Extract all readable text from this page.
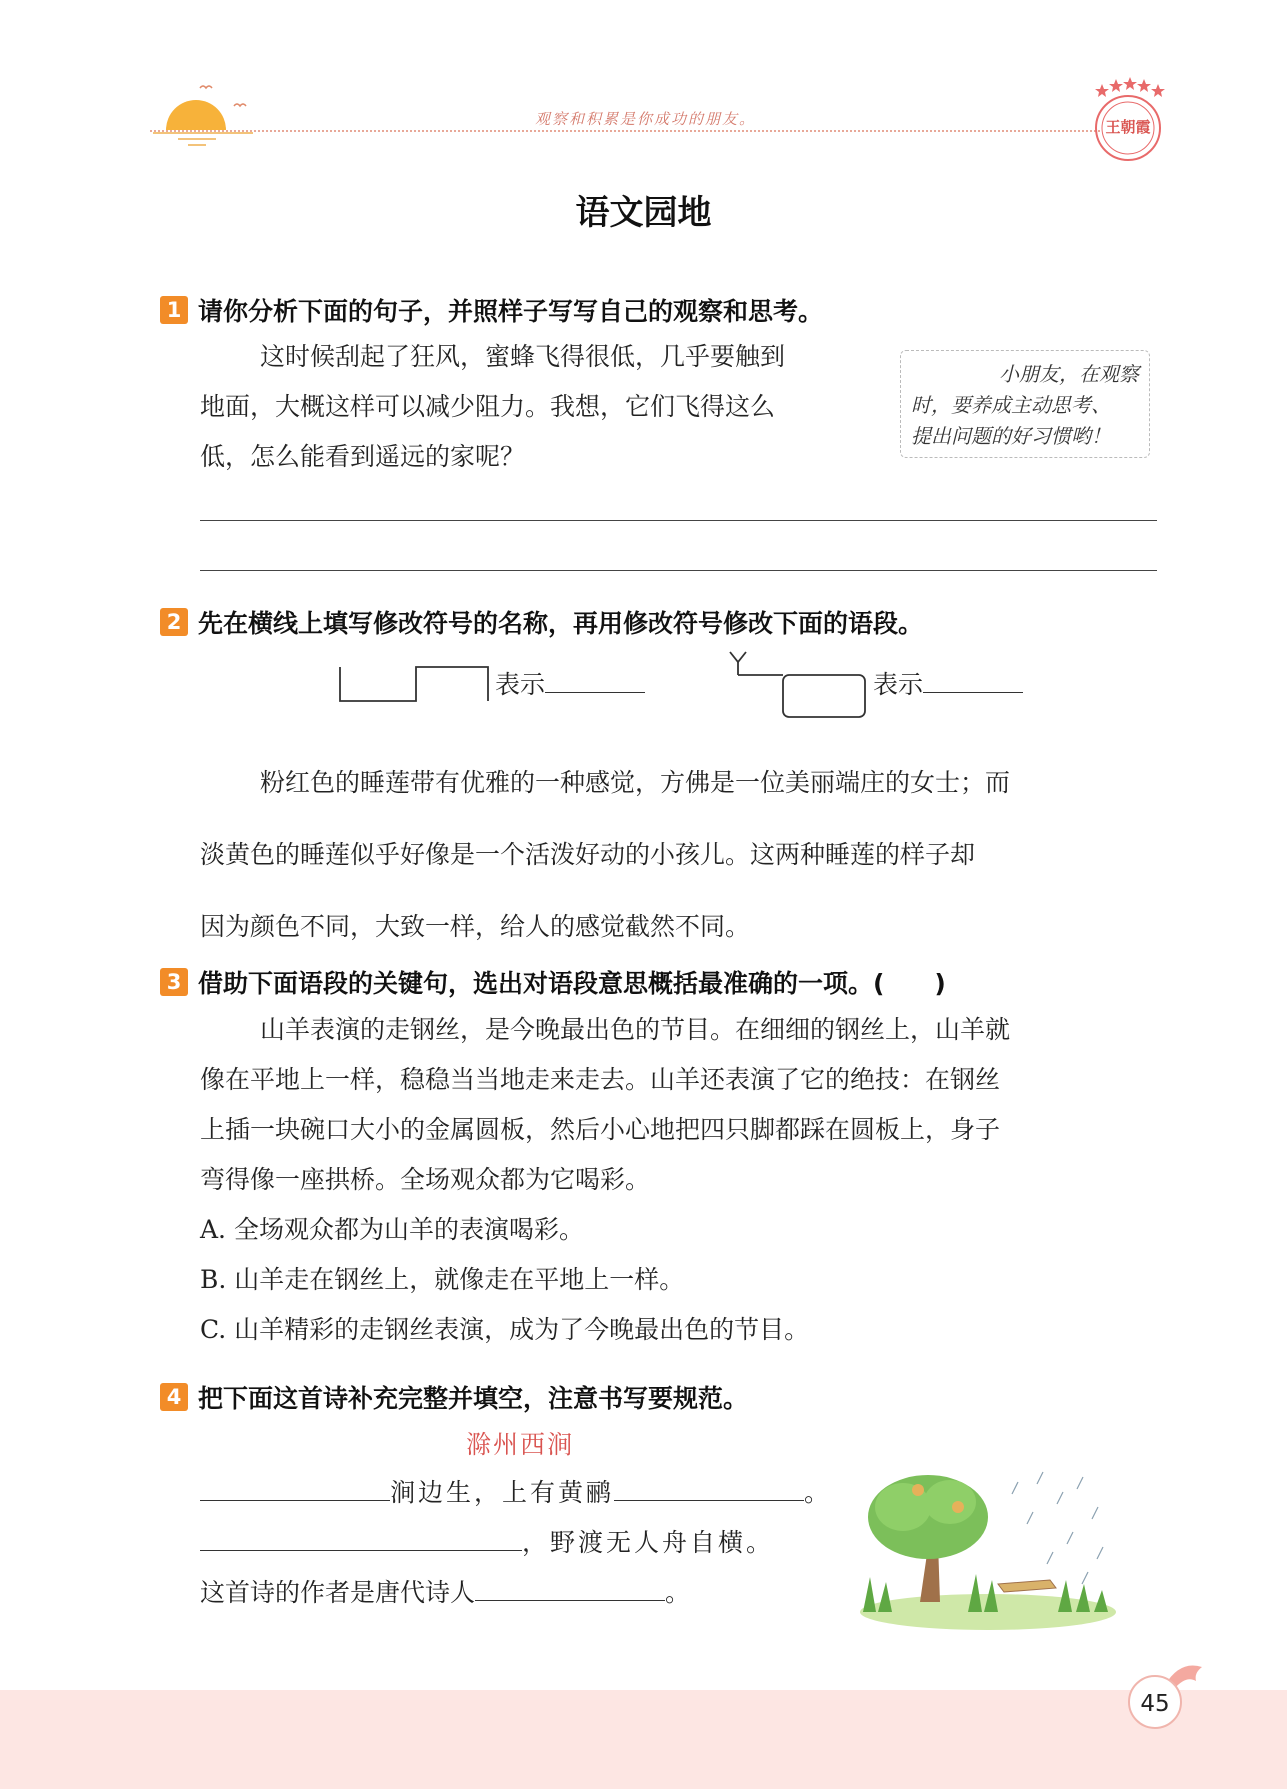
观察和积累是你成功的朋友。	王朝霞
语文园地
1 请你分析下面的句子，并照样子写写自己的观察和思考。
这时候刮起了狂风，蜜蜂飞得很低，几乎要触到
地面，大概这样可以减少阻力。我想，它们飞得这么
低，怎么能看到遥远的家呢？
小朋友，在观察
时，要养成主动思考、
提出问题的好习惯哟！
2 先在横线上填写修改符号的名称，再用修改符号修改下面的语段。
表示	表示
粉红色的睡莲带有优雅的一种感觉，方佛是一位美丽端庄的女士；而
淡黄色的睡莲似乎好像是一个活泼好动的小孩儿。这两种睡莲的样子却
因为颜色不同，大致一样，给人的感觉截然不同。
3 借助下面语段的关键句，选出对语段意思概括最准确的一项。(　　)
山羊表演的走钢丝，是今晚最出色的节目。在细细的钢丝上，山羊就
像在平地上一样，稳稳当当地走来走去。山羊还表演了它的绝技：在钢丝
上插一块碗口大小的金属圆板，然后小心地把四只脚都踩在圆板上，身子
弯得像一座拱桥。全场观众都为它喝彩。
A. 全场观众都为山羊的表演喝彩。
B. 山羊走在钢丝上，就像走在平地上一样。
C. 山羊精彩的走钢丝表演，成为了今晚最出色的节目。
4 把下面这首诗补充完整并填空，注意书写要规范。
滁州西涧
涧边生，上有黄鹂	。
，野渡无人舟自横。
这首诗的作者是唐代诗人	。
45
